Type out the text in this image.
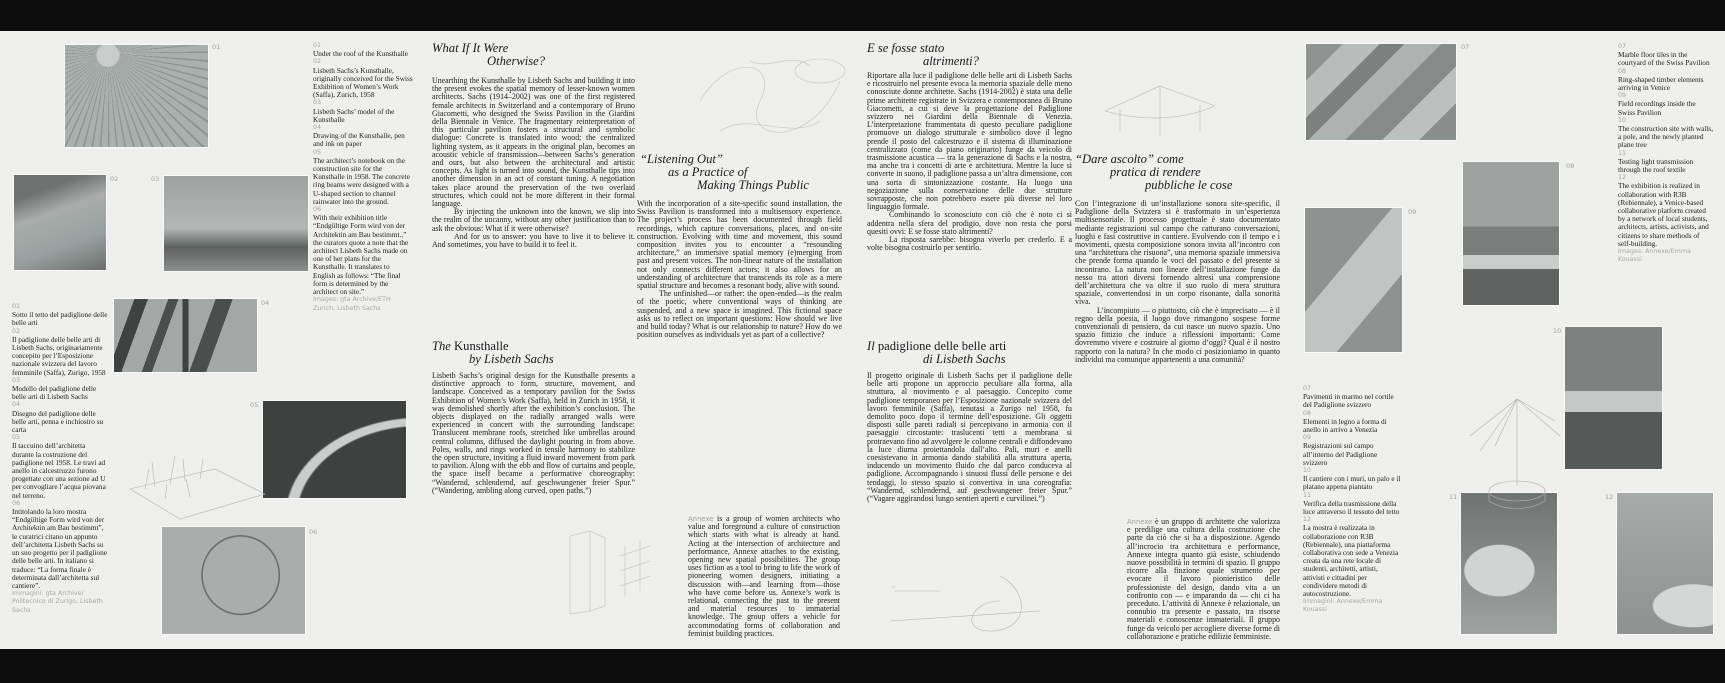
01
02	03
04
05
06
07
08
09
10
11	12
~
01
Under the roof of the Kunsthalle
02
Lisbeth Sachs’s Kunsthalle, originally conceived for the Swiss Exhibition of Women’s Work (Saffa), Zurich, 1958
03
Lisbeth Sachs’ model of the Kunsthalle
04
Drawing of the Kunsthalle, pen and ink on paper
05
The architect’s notebook on the construction site for the Kunsthalle in 1958. The concrete ring beams were designed with a U-shaped section to channel rainwater into the ground.
06
With their exhibition title “Endgültige Form wird von der Architektin am Bau bestimmt.,” the curators quote a note that the architect Lisbeth Sachs made on one of her plans for the Kunsthalle. It translates to English as follows: “The final form is determined by the architect on site.”
Images: gta Archive/ETH Zurich, Lisbeth Sachs
01
Sotto il tetto del padiglione delle belle arti
02
Il padiglione delle belle arti di Lisbeth Sachs, originariamente concepito per l’Esposizione nazionale svizzera del lavoro femminile (Saffa), Zurigo, 1958
03
Modello del padiglione delle belle arti di Lisbeth Sachs
04
Disegno del padiglione delle belle arti, penna e inchiostro su carta
05
Il taccuino dell’architetta durante la costruzione del padiglione nel 1958. Le travi ad anello in calcestruzzo furono progettate con una sezione ad U per convogliare l’acqua piovana nel terreno.
06
Intitolando la loro mostra “Endgültige Form wird von der Architektin am Bau bestimmt”, le curatrici citano un appunto dell’architetta Lisbeth Sachs su un suo progetto per il padiglione delle belle arti. In italiano si traduce: “La forma finale è determinata dall’architetta sul cantiere”.
Immagini: gta Archive/ Politecnico di Zurigo, Lisbeth Sachs
07
Marble floor tiles in the courtyard of the Swiss Pavilion
08
Ring-shaped timber elements arriving in Venice
09
Field recordings inside the Swiss Pavilion
10
The construction site with walls, a pole, and the newly planted plane tree
11
Testing light transmission through the roof textile
12
The exhibition is realized in collaboration with R3B (Rebiennale), a Venice-based collaborative platform created by a network of local students, architects, artists, activists, and citizens to share methods of self-building.
Images: Annexe/Emma Kouassi
07
Pavimenti in marmo nel cortile del Padiglione svizzero
08
Elementi in legno a forma di anello in arrivo a Venezia
09
Registrazioni sul campo all’interno del Padiglione svizzero
10
Il cantiere con i muri, un palo e il platano appena piantato
11
Verifica della trasmissione della luce attraverso il tessuto del tetto
12
La mostra è realizzata in collaborazione con R3B (Rebiennale), una piattaforma collaborativa con sede a Venezia creata da una rete locale di studenti, architetti, artisti, attivisti e cittadini per condividere metodi di autocostruzione.
Immagini: Annexe/Emma Kouassi
What If It Were
Otherwise?

Unearthing the Kunsthalle by Lisbeth Sachs and building it into the present evokes the spatial memory of lesser-known women architects. Sachs (1914–2002) was one of the first registered female architects in Switzerland and a contemporary of Bruno Giacometti, who designed the Swiss Pavilion in the Giardini della Biennale in Venice. The fragmentary reinterpretation of this particular pavilion fosters a structural and symbolic dialogue: Concrete is translated into wood; the centralized lighting system, as it appears in the original plan, becomes an acoustic vehicle of transmission—between Sachs’s generation and ours, but also between the architectural and artistic concepts. As light is turned into sound, the Kunsthalle tips into another dimension in an act of constant tuning. A negotiation takes place around the preservation of the two overlaid structures, which could not be more different in their formal language.

By injecting the unknown into the known, we slip into the realm of the uncanny, without any other justification than to ask the obvious: What if it were otherwise?

And for us to answer: you have to live it to believe it. And sometimes, you have to build it to feel it.

The Kunsthalle
by Lisbeth Sachs

Lisbeth Sachs’s original design for the Kunsthalle presents a distinctive approach to form, structure, movement, and landscape. Conceived as a temporary pavilion for the Swiss Exhibition of Women’s Work (Saffa), held in Zurich in 1958, it was demolished shortly after the exhibition’s conclusion. The objects displayed on the radially arranged walls were experienced in concert with the surrounding landscape: Translucent membrane roofs, stretched like umbrellas around central columns, diffused the daylight pouring in from above. Poles, walls, and rings worked in tensile harmony to stabilize the open structure, inviting a fluid inward movement from park to pavilion. Along with the ebb and flow of curtains and people, the space itself became a performative choreography: “Wandernd, schlendernd, auf geschwungener freier Spur.” (“Wandering, ambling along curved, open paths.”)

“Listening Out”
as a Practice of
Making Things Public

With the incorporation of a site-specific sound installation, the Swiss Pavilion is transformed into a multisensory experience. The project’s process has been documented through field recordings, which capture conversations, places, and on-site construction. Evolving with time and movement, this sound composition invites you to encounter a “resounding architecture,” an immersive spatial memory (e)merging from past and present voices. The non-linear nature of the installation not only connects different actors; it also allows for an understanding of architecture that transcends its role as a mere spatial structure and becomes a resonant body, alive with sound.

The unfinished—or rather: the open-ended—is the realm of the poetic, where conventional ways of thinking are suspended, and a new space is imagined. This fictional space asks us to reflect on important questions: How should we live and build today? What is our relationship to nature? How do we position ourselves as individuals yet as part of a collective?

Annexe is a group of women architects who value and foreground a culture of construction which starts with what is already at hand. Acting at the intersection of architecture and performance, Annexe attaches to the existing, opening new spatial possibilities. The group uses fiction as a tool to bring to life the work of pioneering women designers, initiating a discussion with—and learning from—those who have come before us. Annexe’s work is relational, connecting the past to the present and material resources to immaterial knowledge. The group offers a vehicle for accommodating forms of collaboration and feminist building practices.
E se fosse stato
altrimenti?

Riportare alla luce il padiglione delle belle arti di Lisbeth Sachs e ricostruirlo nel presente evoca la memoria spaziale delle meno conosciute donne architette. Sachs (1914-2002) è stata una delle prime architette registrate in Svizzera e contemporanea di Bruno Giacometti, a cui si deve la progettazione del Padiglione svizzero nei Giardini della Biennale di Venezia. L’interpretazione frammentata di questo peculiare padiglione promuove un dialogo strutturale e simbolico dove il legno prende il posto del calcestruzzo e il sistema di illuminazione centralizzato (come da piano originario) funge da veicolo di trasmissione acustica — tra la generazione di Sachs e la nostra, ma anche tra i concetti di arte e architettura. Mentre la luce si converte in suono, il padiglione passa a un’altra dimensione, con una sorta di sintonizzazione costante. Ha luogo una negoziazione sulla conservazione delle due strutture sovrapposte, che non potrebbero essere più diverse nel loro linguaggio formale.

Combinando lo sconosciuto con ciò che è noto ci si addentra nella sfera del prodigio, dove non resta che porsi quesiti ovvi: E se fosse stato altrimenti?

La risposta sarebbe: bisogna viverlo per crederlo. E a volte bisogna costruirlo per sentirlo.

Il padiglione delle belle arti
di Lisbeth Sachs

Il progetto originale di Lisbeth Sachs per il padiglione delle belle arti propone un approccio peculiare alla forma, alla struttura, al movimento e al paesaggio. Concepito come padiglione temporaneo per l’Esposizione nazionale svizzera del lavoro femminile (Saffa), tenutasi a Zurigo nel 1958, fu demolito poco dopo il termine dell’esposizione. Gli oggetti disposti sulle pareti radiali si percepivano in armonia con il paesaggio circostante: traslucenti tetti a membrana si protraevano fino ad avvolgere le colonne centrali e diffondevano la luce diurna proiettandola dall’alto. Pali, muri e anelli coesistevano in armonia dando stabilità alla struttura aperta, inducendo un movimento fluido che dal parco conduceva al padiglione. Accompagnando i sinuosi flussi delle persone e dei tendaggi, lo stesso spazio si convertiva in una coreografia: “Wandernd, schlendernd, auf geschwungener freier Spur.” (“Vagare aggirandosi lungo sentieri aperti e curvilinei.”)

“Dare ascolto” come
pratica di rendere
pubbliche le cose

Con l’integrazione di un’installazione sonora site-specific, il Padiglione della Svizzera si è trasformato in un’esperienza multisensoriale. Il processo progettuale è stato documentato mediante registrazioni sul campo che catturano conversazioni, luoghi e fasi costruttive in cantiere. Evolvendo con il tempo e i movimenti, questa composizione sonora invita all’incontro con una “architettura che risuona”, una memoria spaziale immersiva che prende forma quando le voci del passato e del presente si incontrano. La natura non lineare dell’installazione funge da nesso tra attori diversi fornendo altresì una comprensione dell’architettura che va oltre il suo ruolo di mera struttura spaziale, convertendosi in un corpo risonante, dalla sonorità viva.

L’incompiuto — o piuttosto, ciò che è imprecisato — è il regno della poesia, il luogo dove rimangono sospese forme convenzionali di pensiero, da cui nasce un nuovo spazio. Uno spazio fittizio che induce a riflessioni importanti: Come dovremmo vivere e costruire al giorno d’oggi? Qual è il nostro rapporto con la natura? In che modo ci posizioniamo in quanto individui ma comunque appartenenti a una comunità?

Annexe è un gruppo di architette che valorizza e predilige una cultura della costruzione che parte da ciò che si ha a disposizione. Agendo all’incrocio tra architettura e performance, Annexe integra quanto già esiste, schiudendo nuove possibilità in termini di spazio. Il gruppo ricorre alla finzione quale strumento per evocare il lavoro pionieristico delle professioniste del design, dando vita a un confronto con — e imparando da — chi ci ha preceduto. L’attività di Annexe è relazionale, un connubio tra presente e passato, tra risorse materiali e conoscenze immateriali. Il gruppo funge da veicolo per accogliere diverse forme di collaborazione e pratiche edilizie femministe.
